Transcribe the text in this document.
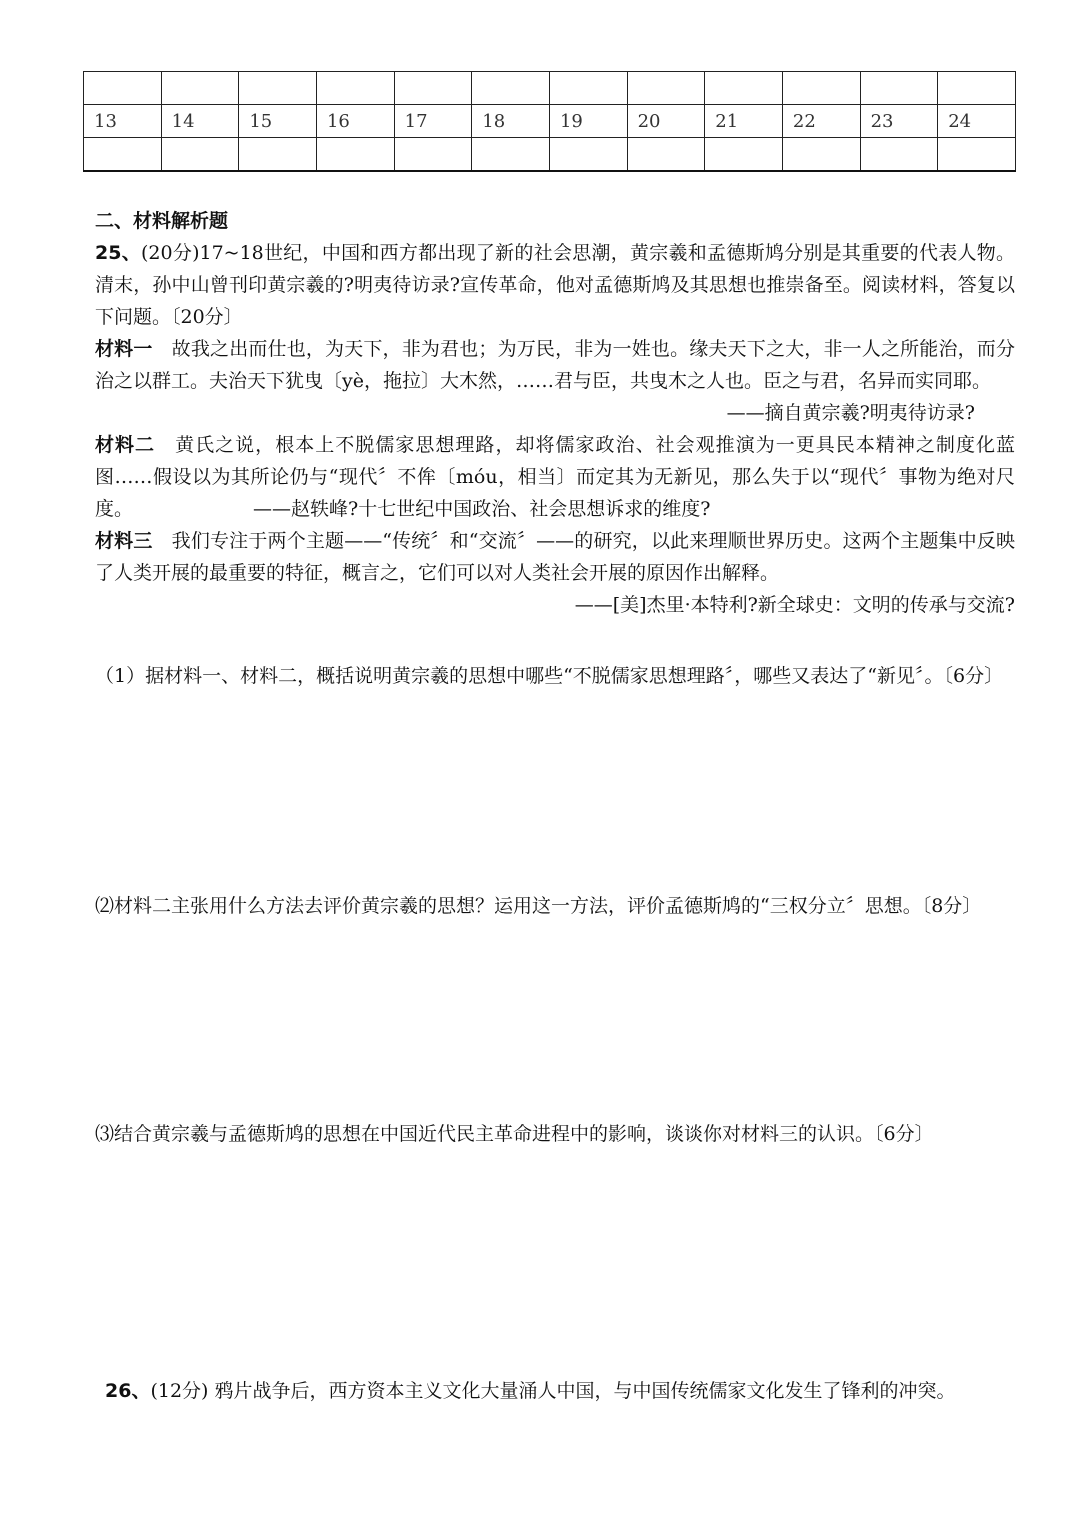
13	14	15	16	17	18	19	20	21	22	23	24

二、材料解析题

25、(20分)17~18世纪，中国和西方都出现了新的社会思潮，黄宗羲和孟德斯鸠分别是其重要的代表人物。清末，孙中山曾刊印黄宗羲的?明夷待访录?宣传革命，他对孟德斯鸠及其思想也推崇备至。阅读材料，答复以下问题。〔20分〕

材料一　故我之出而仕也，为天下，非为君也；为万民，非为一姓也。缘夫天下之大，非一人之所能治，而分治之以群工。夫治天下犹曳〔yè，拖拉〕大木然，……君与臣，共曳木之人也。臣之与君，名异而实同耶。
——摘自黄宗羲?明夷待访录?

材料二　黄氏之说，根本上不脱儒家思想理路，却将儒家政治、社会观推演为一更具民本精神之制度化蓝图……假设以为其所论仍与“现代〞不侔〔móu，相当〕而定其为无新见，那么失于以“现代〞事物为绝对尺度。	——赵轶峰?十七世纪中国政治、社会思想诉求的维度?

材料三　我们专注于两个主题——“传统〞和“交流〞——的研究，以此来理顺世界历史。这两个主题集中反映了人类开展的最重要的特征，概言之，它们可以对人类社会开展的原因作出解释。
——[美]杰里·本特利?新全球史：文明的传承与交流?

（1）据材料一、材料二，概括说明黄宗羲的思想中哪些“不脱儒家思想理路〞，哪些又表达了“新见〞。〔6分〕
⑵材料二主张用什么方法去评价黄宗羲的思想？运用这一方法，评价孟德斯鸠的“三权分立〞思想。〔8分〕
⑶结合黄宗羲与孟德斯鸠的思想在中国近代民主革命进程中的影响，谈谈你对材料三的认识。〔6分〕
26、(12分) 鸦片战争后，西方资本主义文化大量涌人中国，与中国传统儒家文化发生了锋利的冲突。
